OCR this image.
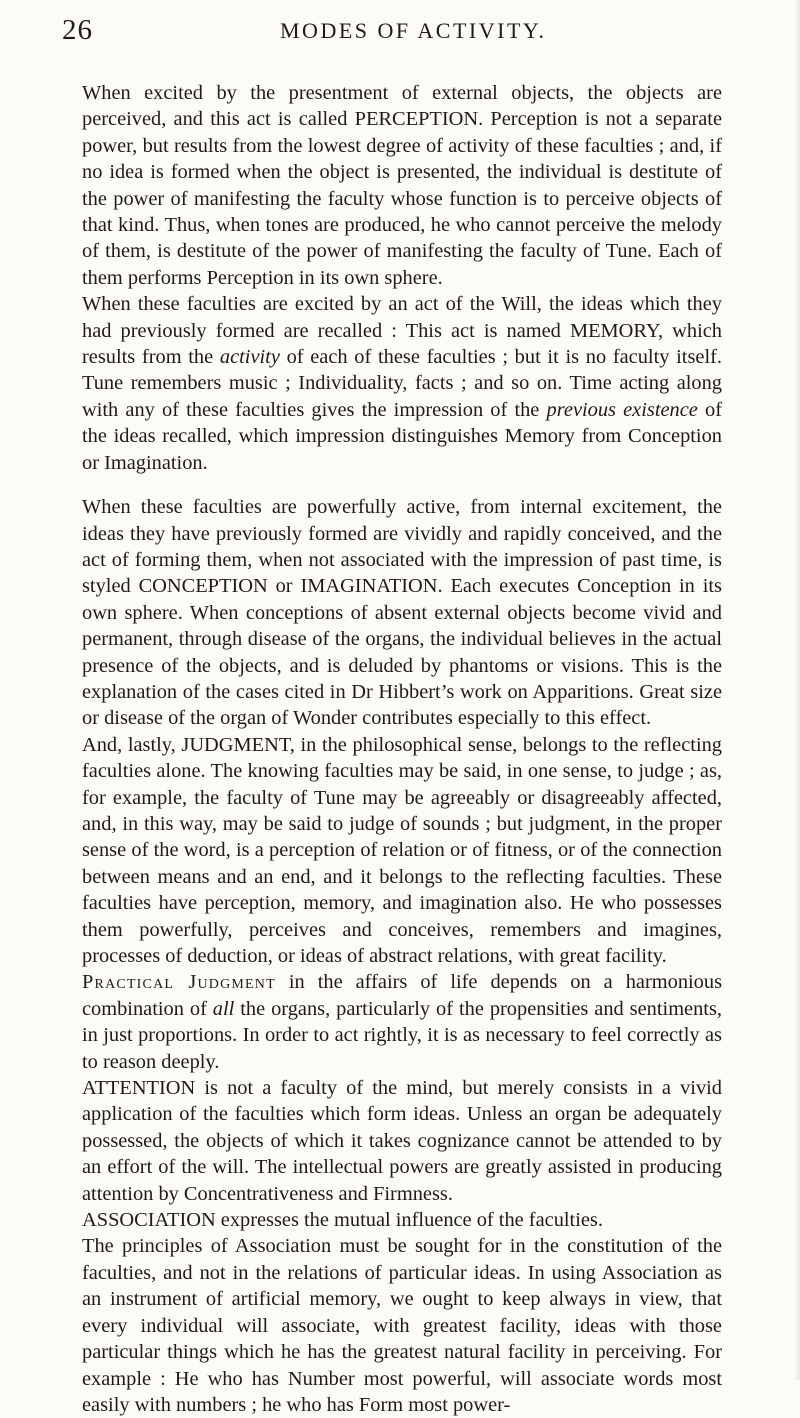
26	MODES OF ACTIVITY.

When excited by the presentment of external objects, the objects are perceived, and this act is called PERCEPTION. Perception is not a separate power, but results from the lowest degree of activity of these faculties ; and, if no idea is formed when the object is presented, the individual is destitute of the power of manifesting the faculty whose function is to perceive objects of that kind. Thus, when tones are produced, he who cannot perceive the melody of them, is destitute of the power of manifesting the faculty of Tune. Each of them performs Perception in its own sphere.

When these faculties are excited by an act of the Will, the ideas which they had previously formed are recalled : This act is named MEMORY, which results from the activity of each of these faculties ; but it is no faculty itself. Tune remembers music ; Individuality, facts ; and so on. Time acting along with any of these faculties gives the impression of the previous existence of the ideas recalled, which impression distinguishes Memory from Conception or Imagination.

When these faculties are powerfully active, from internal excitement, the ideas they have previously formed are vividly and rapidly conceived, and the act of forming them, when not associated with the impression of past time, is styled CONCEPTION or IMAGINATION. Each executes Conception in its own sphere. When conceptions of absent external objects become vivid and permanent, through disease of the organs, the individual believes in the actual presence of the objects, and is deluded by phantoms or visions. This is the explanation of the cases cited in Dr Hibbert’s work on Apparitions. Great size or disease of the organ of Wonder contributes especially to this effect.

And, lastly, JUDGMENT, in the philosophical sense, belongs to the reflecting faculties alone. The knowing faculties may be said, in one sense, to judge ; as, for example, the faculty of Tune may be agreeably or disagreeably affected, and, in this way, may be said to judge of sounds ; but judgment, in the proper sense of the word, is a perception of relation or of fitness, or of the connection between means and an end, and it belongs to the reflecting faculties. These faculties have perception, memory, and imagination also. He who possesses them powerfully, perceives and conceives, remembers and imagines, processes of deduction, or ideas of abstract relations, with great facility.

Practical Judgment in the affairs of life depends on a harmonious combination of all the organs, particularly of the propensities and sentiments, in just proportions. In order to act rightly, it is as necessary to feel correctly as to reason deeply.

ATTENTION is not a faculty of the mind, but merely consists in a vivid application of the faculties which form ideas. Unless an organ be adequately possessed, the objects of which it takes cognizance cannot be attended to by an effort of the will. The intellectual powers are greatly assisted in producing attention by Concentrativeness and Firmness.

ASSOCIATION expresses the mutual influence of the faculties.

The principles of Association must be sought for in the constitution of the faculties, and not in the relations of particular ideas. In using Association as an instrument of artificial memory, we ought to keep always in view, that every individual will associate, with greatest facility, ideas with those particular things which he has the greatest natural facility in perceiving. For example : He who has Number most powerful, will associate words most easily with numbers ; he who has Form most power-
